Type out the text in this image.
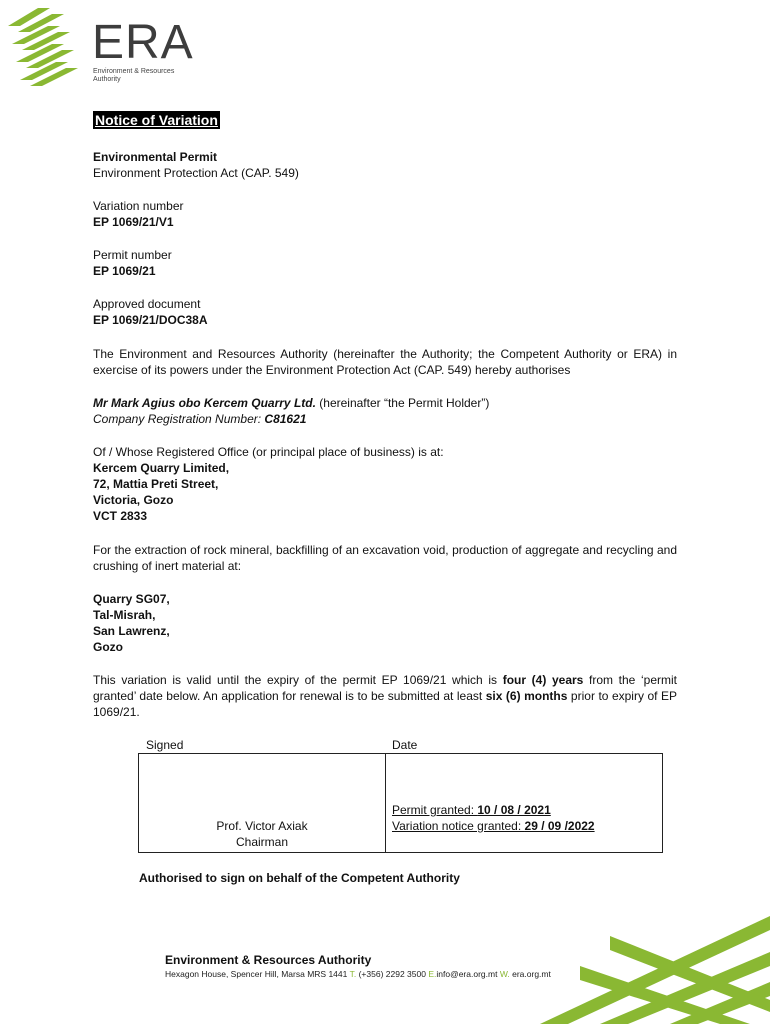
ERA
Environment & Resources Authority
Notice of Variation
Environmental Permit
Environment Protection Act (CAP. 549)
Variation number
EP 1069/21/V1
Permit number
EP 1069/21
Approved document
EP 1069/21/DOC38A
The Environment and Resources Authority (hereinafter the Authority; the Competent Authority or ERA) in exercise of its powers under the Environment Protection Act (CAP. 549) hereby authorises
Mr Mark Agius obo Kercem Quarry Ltd. (hereinafter “the Permit Holder”)
Company Registration Number: C81621
Of / Whose Registered Office (or principal place of business) is at:
Kercem Quarry Limited,
72, Mattia Preti Street,
Victoria, Gozo
VCT 2833
For the extraction of rock mineral, backfilling of an excavation void, production of aggregate and recycling and crushing of inert material at:
Quarry SG07,
Tal-Misrah,
San Lawrenz,
Gozo
This variation is valid until the expiry of the permit EP 1069/21 which is four (4) years from the ‘permit granted’ date below. An application for renewal is to be submitted at least six (6) months prior to expiry of EP 1069/21.
Signed	Date
Prof. Victor Axiak
Chairman

Permit granted: 10 / 08 / 2021
Variation notice granted: 29 / 09 /2022
Authorised to sign on behalf of the Competent Authority
Environment & Resources Authority
Hexagon House, Spencer Hill, Marsa MRS 1441 T. (+356) 2292 3500 E.info@era.org.mt W. era.org.mt
